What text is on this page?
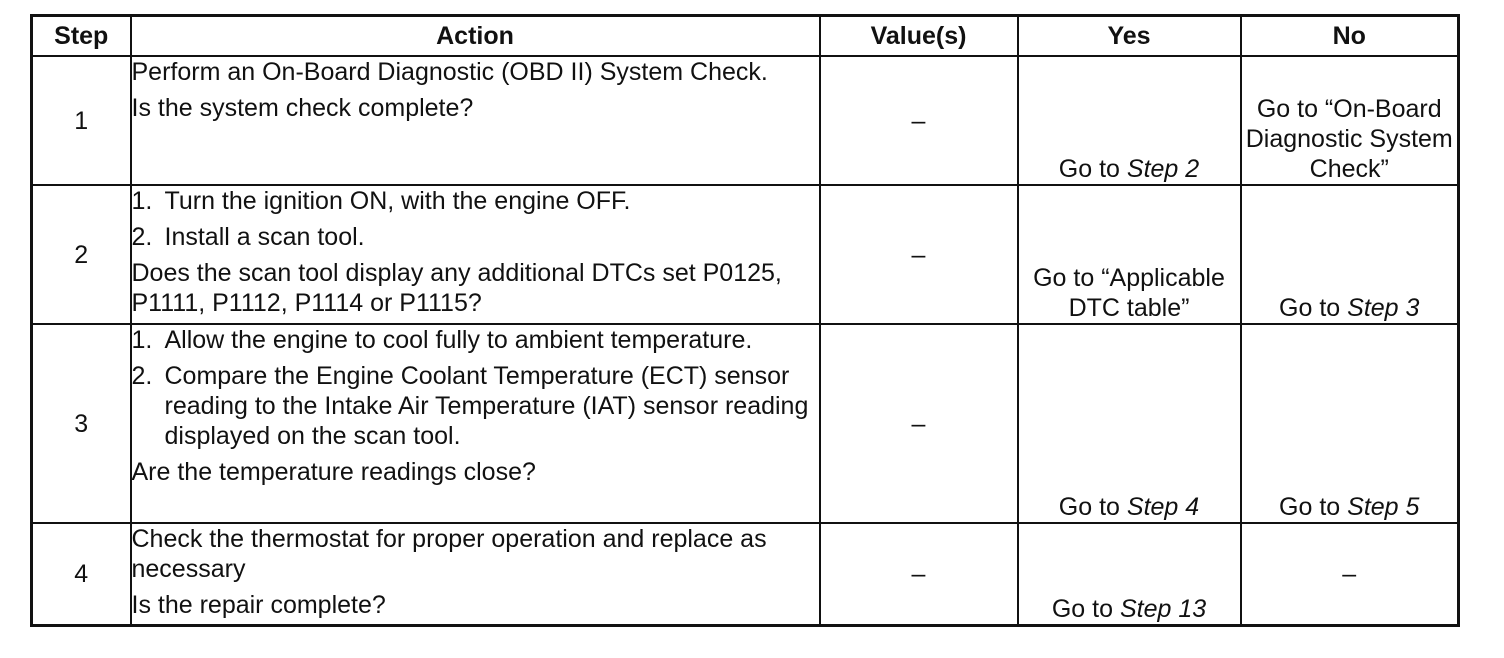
Step	Action	Value(s)	Yes	No
1	Perform an On-Board Diagnostic (OBD II) System Check.

Is the system check complete?	–	Go to Step 2	Go to “On-Board Diagnostic System Check”
2	1. Turn the ignition ON, with the engine OFF.
2. Install a scan tool.

Does the scan tool display any additional DTCs set P0125, P1111, P1112, P1114 or P1115?	–	Go to “Applicable DTC table”	Go to Step 3
3	1. Allow the engine to cool fully to ambient temperature.
2. Compare the Engine Coolant Temperature (ECT) sensor reading to the Intake Air Temperature (IAT) sensor reading displayed on the scan tool.

Are the temperature readings close?	–	Go to Step 4	Go to Step 5
4	Check the thermostat for proper operation and replace as necessary

Is the repair complete?	–	Go to Step 13	–
